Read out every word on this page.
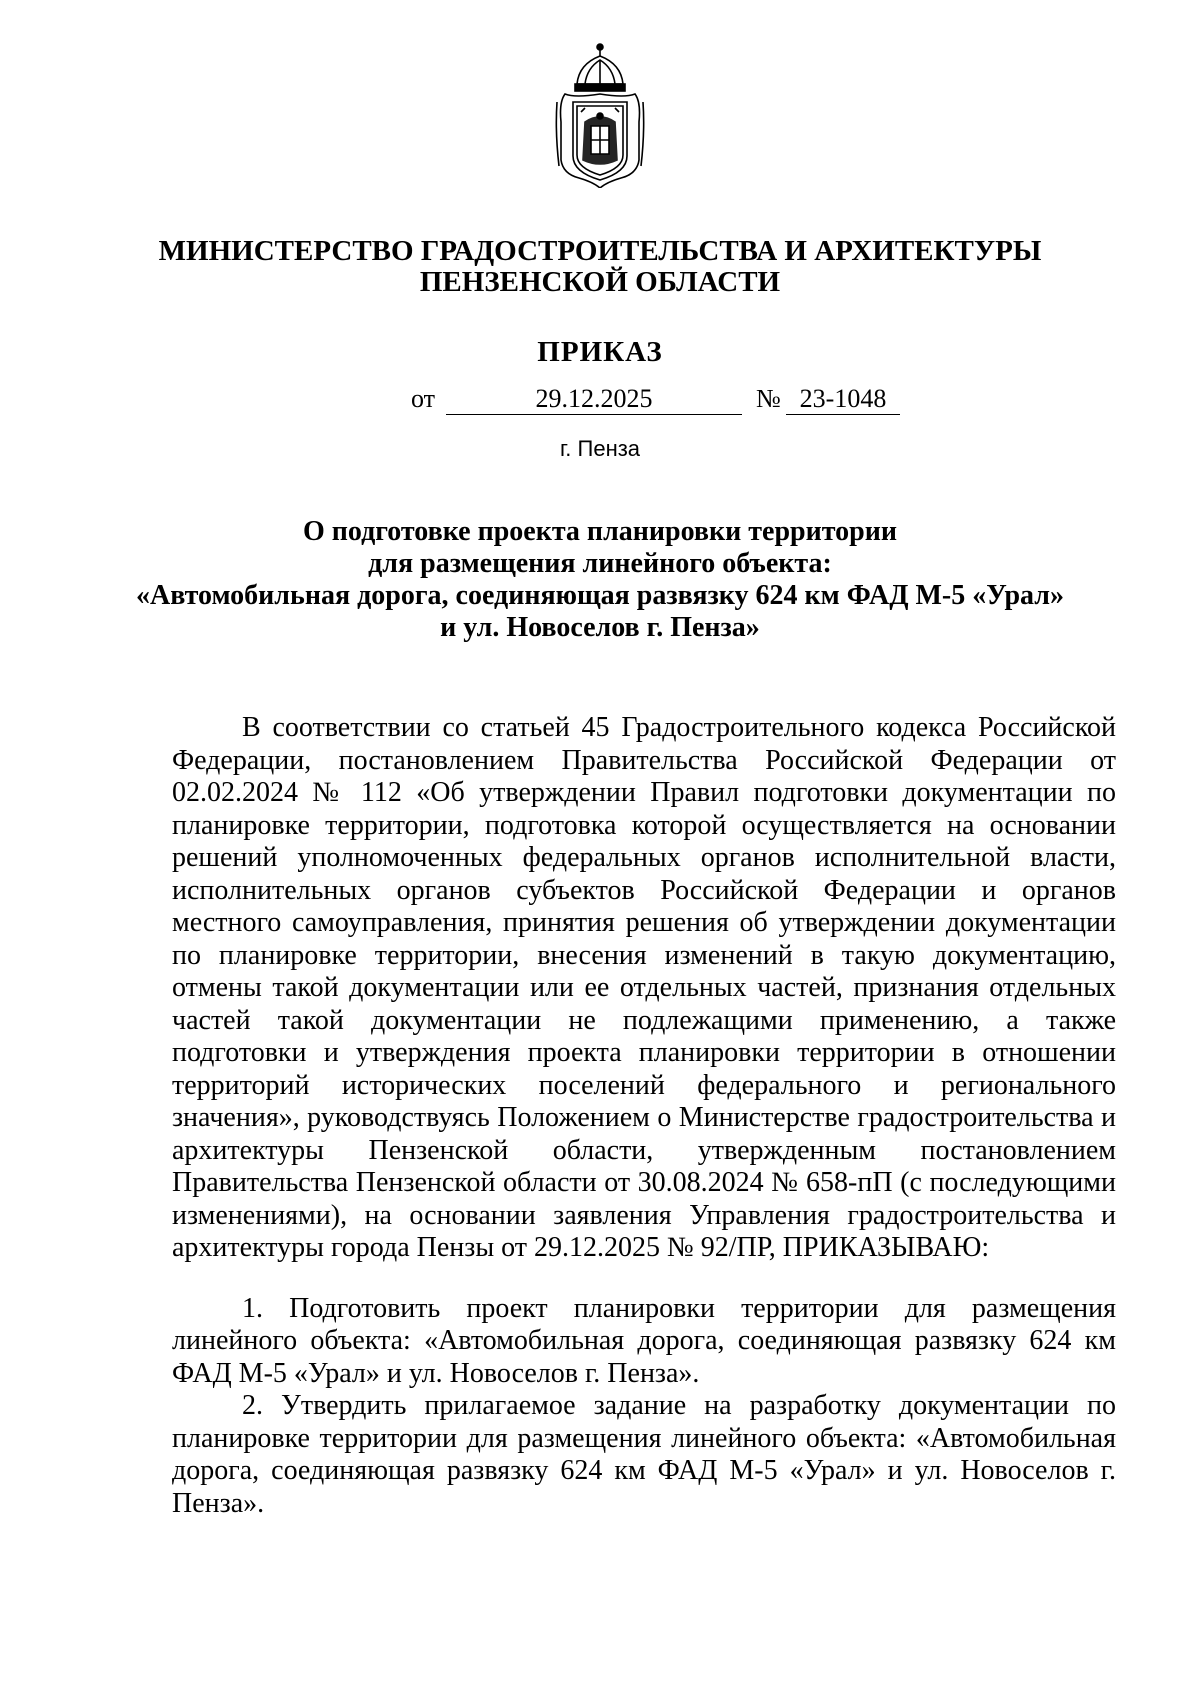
МИНИСТЕРСТВО ГРАДОСТРОИТЕЛЬСТВА И АРХИТЕКТУРЫ
ПЕНЗЕНСКОЙ ОБЛАСТИ
ПРИКАЗ
от	29.12.2025	№ 23-1048
г. Пенза
О подготовке проекта планировки территории
для размещения линейного объекта:
«Автомобильная дорога, соединяющая развязку 624 км ФАД М-5 «Урал»
и ул. Новоселов г. Пенза»

В соответствии со статьей 45 Градостроительного кодекса Российской Федерации, постановлением Правительства Российской Федерации от 02.02.2024 № 112 «Об утверждении Правил подготовки документации по планировке территории, подготовка которой осуществляется на основании решений уполномоченных федеральных органов исполнительной власти, исполнительных органов субъектов Российской Федерации и органов местного самоуправления, принятия решения об утверждении документации по планировке территории, внесения изменений в такую документацию, отмены такой документации или ее отдельных частей, признания отдельных частей такой документации не подлежащими применению, а также подготовки и утверждения проекта планировки территории в отношении территорий исторических поселений федерального и регионального значения», руководствуясь Положением о Министерстве градостроительства и архитектуры Пензенской области, утвержденным постановлением Правительства Пензенской области от 30.08.2024 № 658-пП (с последующими изменениями), на основании заявления Управления градостроительства и архитектуры города Пензы от 29.12.2025 № 92/ПР, ПРИКАЗЫВАЮ:

1. Подготовить проект планировки территории для размещения линейного объекта: «Автомобильная дорога, соединяющая развязку 624 км ФАД М-5 «Урал» и ул. Новоселов г. Пенза».

2. Утвердить прилагаемое задание на разработку документации по планировке территории для размещения линейного объекта: «Автомобильная дорога, соединяющая развязку 624 км ФАД М-5 «Урал» и ул. Новоселов г. Пенза».
